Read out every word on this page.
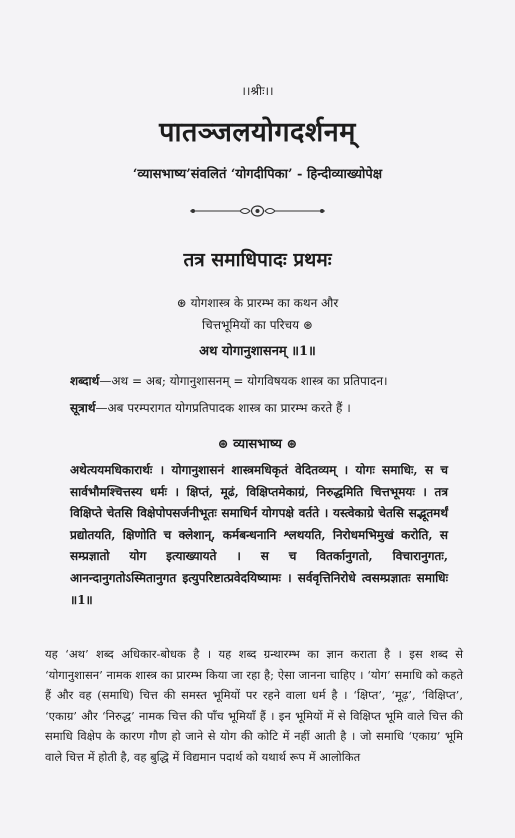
।।श्रीः।।
पातञ्जलयोगदर्शनम्
‘व्यासभाष्य’संवलितं ‘योगदीपिका’ - हिन्दीव्याख्योपेक्ष
तत्र समाधिपादः प्रथमः
⊛ योगशास्त्र के प्रारम्भ का कथन और
चित्तभूमियों का परिचय ⊛
अथ योगानुशासनम् ॥1॥
शब्दार्थ—अथ = अब; योगानुशासनम् = योगविषयक शास्त्र का प्रतिपादन।
सूत्रार्थ—अब परम्परागत योगप्रतिपादक शास्त्र का प्रारम्भ करते हैं ।
⊛ व्यासभाष्य ⊛
अथेत्ययमधिकारार्थः । योगानुशासनं शास्त्रमधिकृतं वेदितव्यम् । योगः समाधिः, स च सार्वभौमश्चित्तस्य धर्मः । क्षिप्तं, मूढं, विक्षिप्तमेकाग्रं, निरुद्धमिति चित्तभूमयः । तत्र विक्षिप्ते चेतसि विक्षेपोपसर्जनीभूतः समाधिर्न योगपक्षे वर्तते । यस्त्वेकाग्रे चेतसि सद्भूतमर्थं प्रद्योतयति, क्षिणोति च क्लेशान्, कर्मबन्धनानि श्लथयति, निरोधमभिमुखं करोति, स सम्प्रज्ञातो योग इत्याख्यायते । स च वितर्कानुगतो, विचारानुगतः, आनन्दानुगतोऽस्मितानुगत इत्युपरिष्टात्प्रवेदयिष्यामः । सर्ववृत्तिनिरोधे त्वसम्प्रज्ञातः समाधिः ॥1॥
यह ‘अथ’ शब्द अधिकार-बोधक है । यह शब्द ग्रन्थारम्भ का ज्ञान कराता है । इस शब्द से ‘योगानुशासन’ नामक शास्त्र का प्रारम्भ किया जा रहा है; ऐसा जानना चाहिए । ‘योग’ समाधि को कहते हैं और वह (समाधि) चित्त की समस्त भूमियों पर रहने वाला धर्म है । ‘क्षिप्त’, ‘मूढ़’, ‘विक्षिप्त’, ‘एकाग्र’ और ‘निरुद्ध’ नामक चित्त की पाँच भूमियाँ हैं । इन भूमियों में से विक्षिप्त भूमि वाले चित्त की समाधि विक्षेप के कारण गौण हो जाने से योग की कोटि में नहीं आती है । जो समाधि ‘एकाग्र’ भूमि वाले चित्त में होती है, वह बुद्धि में विद्यमान पदार्थ को यथार्थ रूप में आलोकित
